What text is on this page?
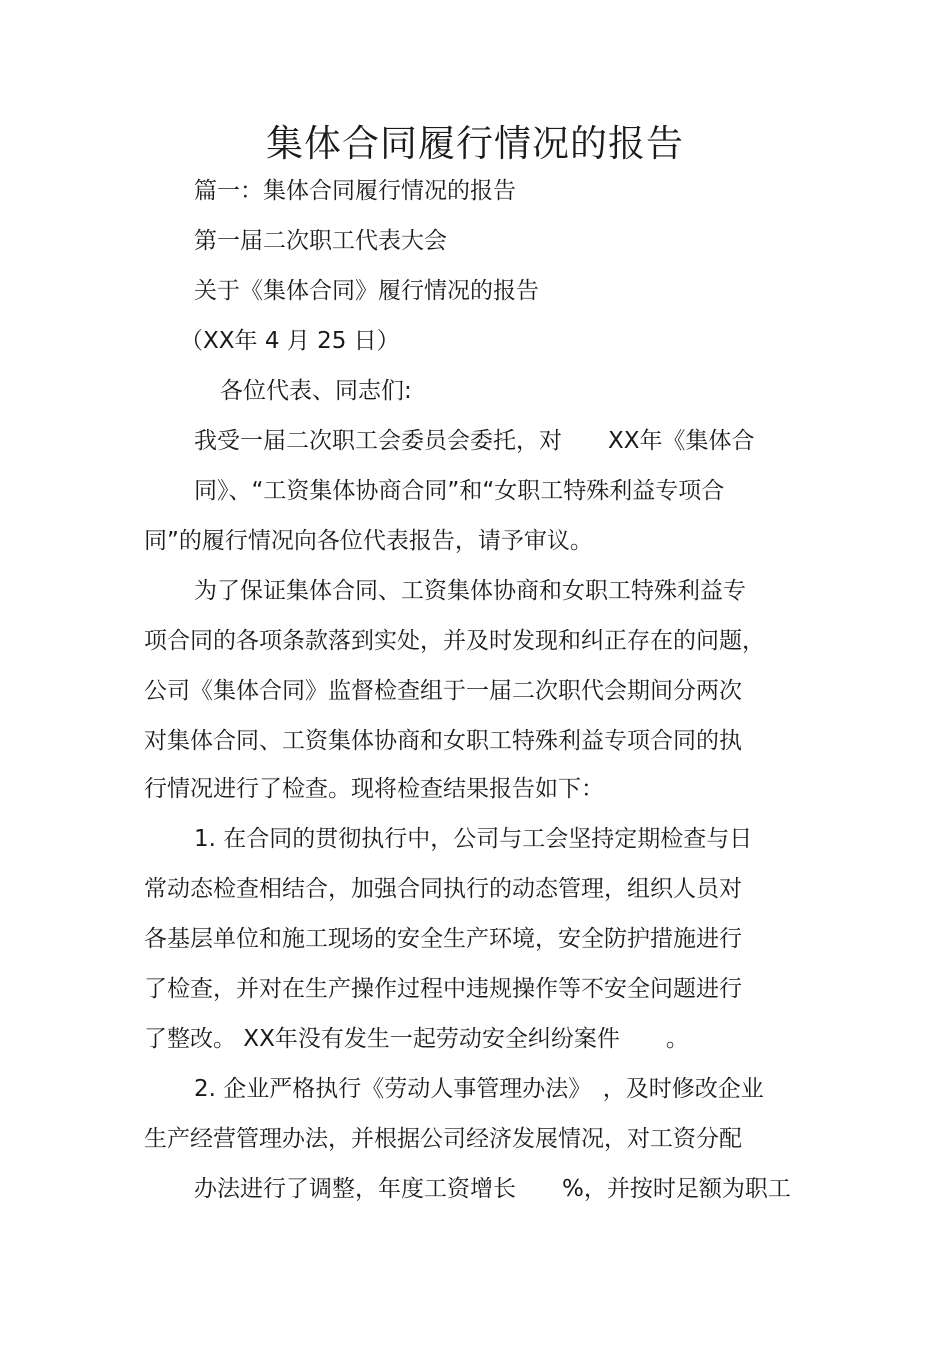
集体合同履行情况的报告
篇一：集体合同履行情况的报告
第一届二次职工代表大会
关于《集体合同》履行情况的报告
（XX年 4 月 25 日）
各位代表、同志们:
我受一届二次职工会委员会委托，对　　XX年《集体合
同》、“工资集体协商合同”和“女职工特殊利益专项合
同”的履行情况向各位代表报告，请予审议。
为了保证集体合同、工资集体协商和女职工特殊利益专
项合同的各项条款落到实处，并及时发现和纠正存在的问题，
公司《集体合同》监督检查组于一届二次职代会期间分两次
对集体合同、工资集体协商和女职工特殊利益专项合同的执
行情况进行了检查。现将检查结果报告如下：
1. 在合同的贯彻执行中，公司与工会坚持定期检查与日
常动态检查相结合，加强合同执行的动态管理，组织人员对
各基层单位和施工现场的安全生产环境，安全防护措施进行
了检查，并对在生产操作过程中违规操作等不安全问题进行
了整改。 XX年没有发生一起劳动安全纠纷案件　　。
2. 企业严格执行《劳动人事管理办法》　，及时修改企业
生产经营管理办法，并根据公司经济发展情况，对工资分配
办法进行了调整，年度工资增长　　%，并按时足额为职工
